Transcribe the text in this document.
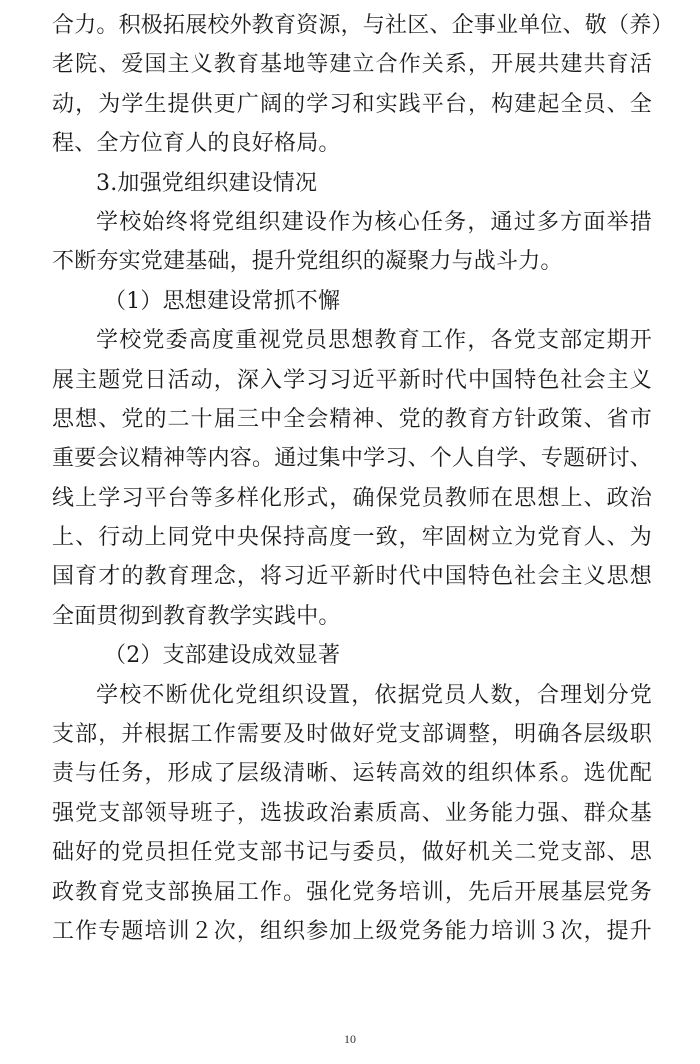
合力。积极拓展校外教育资源，与社区、企事业单位、敬（养）
老院、爱国主义教育基地等建立合作关系，开展共建共育活
动，为学生提供更广阔的学习和实践平台，构建起全员、全
程、全方位育人的良好格局。
3.加强党组织建设情况
学校始终将党组织建设作为核心任务，通过多方面举措
不断夯实党建基础，提升党组织的凝聚力与战斗力。
（1）思想建设常抓不懈
学校党委高度重视党员思想教育工作，各党支部定期开
展主题党日活动，深入学习习近平新时代中国特色社会主义
思想、党的二十届三中全会精神、党的教育方针政策、省市
重要会议精神等内容。通过集中学习、个人自学、专题研讨、
线上学习平台等多样化形式，确保党员教师在思想上、政治
上、行动上同党中央保持高度一致，牢固树立为党育人、为
国育才的教育理念，将习近平新时代中国特色社会主义思想
全面贯彻到教育教学实践中。
（2）支部建设成效显著
学校不断优化党组织设置，依据党员人数，合理划分党
支部，并根据工作需要及时做好党支部调整，明确各层级职
责与任务，形成了层级清晰、运转高效的组织体系。选优配
强党支部领导班子，选拔政治素质高、业务能力强、群众基
础好的党员担任党支部书记与委员，做好机关二党支部、思
政教育党支部换届工作。强化党务培训，先后开展基层党务
工作专题培训２次，组织参加上级党务能力培训３次，提升
10
